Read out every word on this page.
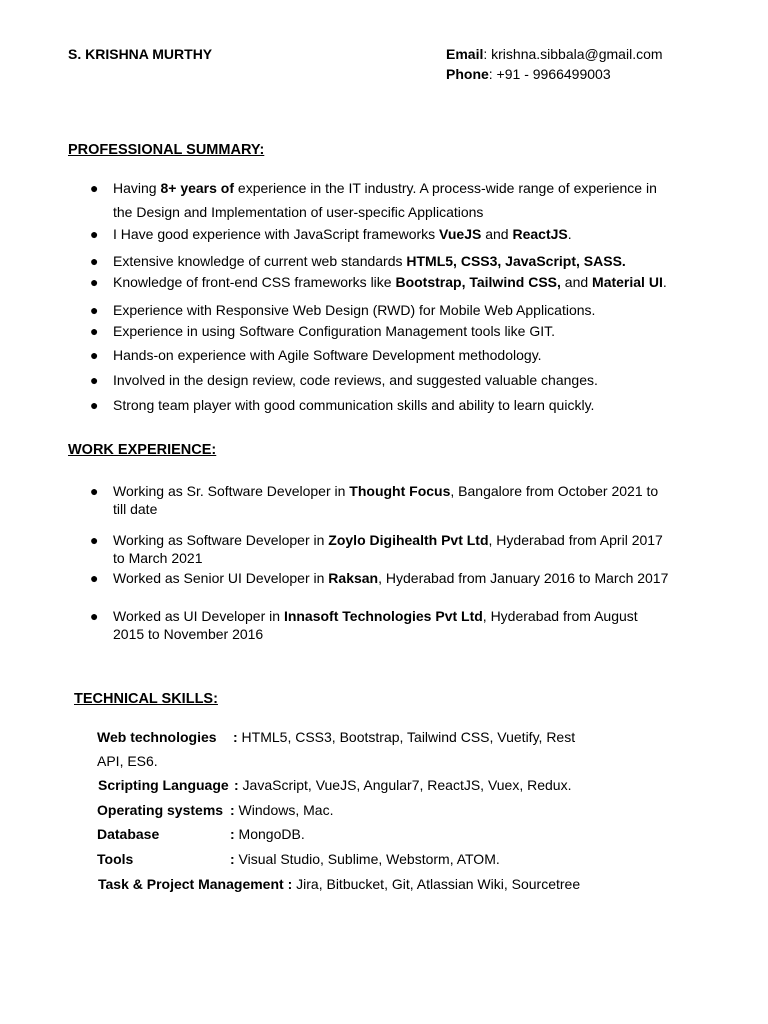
S. KRISHNA MURTHY	Email: krishna.sibbala@gmail.com
Phone: +91 - 9966499003
PROFESSIONAL SUMMARY:
● Having 8+ years of experience in the IT industry. A process-wide range of experience in the Design and Implementation of user-specific Applications
● I Have good experience with JavaScript frameworks VueJS and ReactJS.
● Extensive knowledge of current web standards HTML5, CSS3, JavaScript, SASS.
● Knowledge of front-end CSS frameworks like Bootstrap, Tailwind CSS, and Material UI.
● Experience with Responsive Web Design (RWD) for Mobile Web Applications.
● Experience in using Software Configuration Management tools like GIT.
● Hands-on experience with Agile Software Development methodology.
● Involved in the design review, code reviews, and suggested valuable changes.
● Strong team player with good communication skills and ability to learn quickly.
WORK EXPERIENCE:
● Working as Sr. Software Developer in Thought Focus, Bangalore from October 2021 to till date
● Working as Software Developer in Zoylo Digihealth Pvt Ltd, Hyderabad from April 2017 to March 2021
● Worked as Senior UI Developer in Raksan, Hyderabad from January 2016 to March 2017
● Worked as UI Developer in Innasoft Technologies Pvt Ltd, Hyderabad from August 2015 to November 2016
TECHNICAL SKILLS:
Web technologies : HTML5, CSS3, Bootstrap, Tailwind CSS, Vuetify, Rest API, ES6.
Scripting Language : JavaScript, VueJS, Angular7, ReactJS, Vuex, Redux.
Operating systems : Windows, Mac.
Database	: MongoDB.
Tools	: Visual Studio, Sublime, Webstorm, ATOM.
Task & Project Management : Jira, Bitbucket, Git, Atlassian Wiki, Sourcetree
